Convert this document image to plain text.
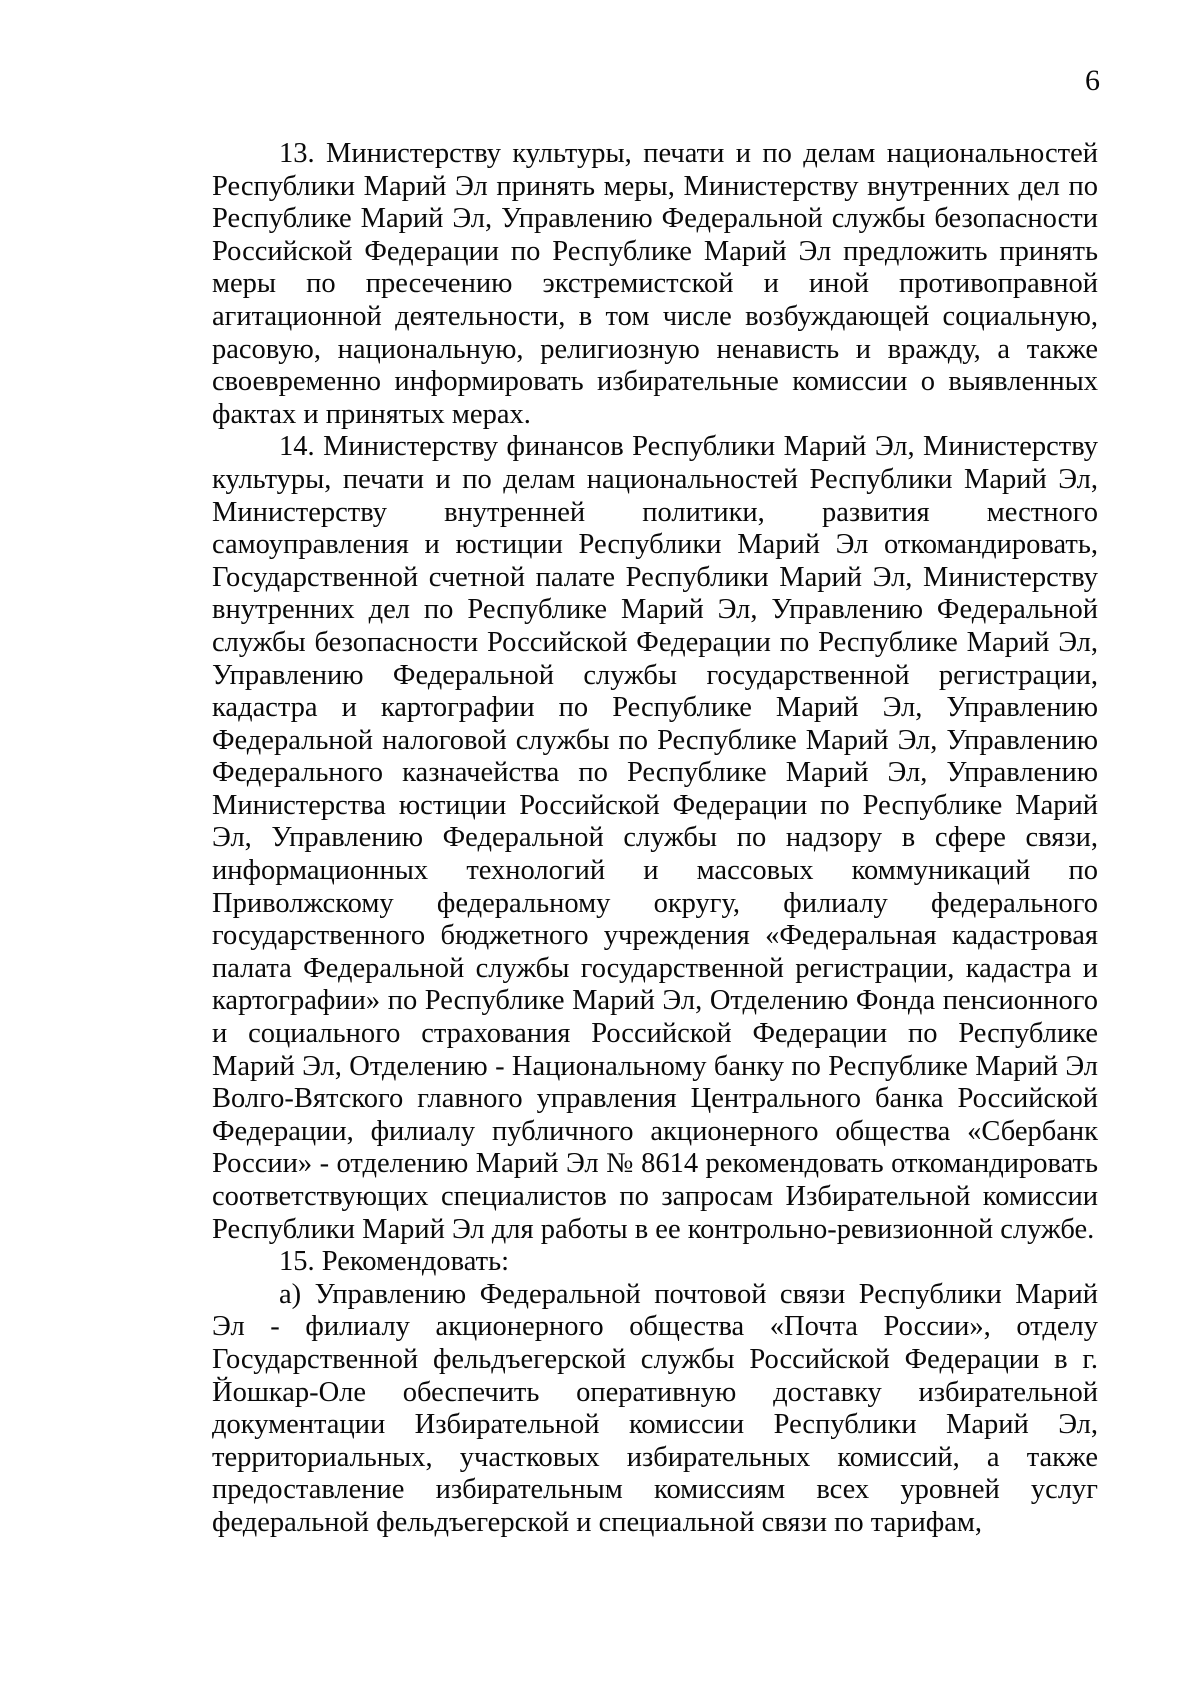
6

13. Министерству культуры, печати и по делам национальностей Республики Марий Эл принять меры, Министерству внутренних дел по Республике Марий Эл, Управлению Федеральной службы безопасности Российской Федерации по Республике Марий Эл предложить принять меры по пресечению экстремистской и иной противоправной агитационной деятельности, в том числе возбуждающей социальную, расовую, национальную, религиозную ненависть и вражду, а также своевременно информировать избирательные комиссии о выявленных фактах и принятых мерах.

14. Министерству финансов Республики Марий Эл, Министерству культуры, печати и по делам национальностей Республики Марий Эл, Министерству внутренней политики, развития местного самоуправления и юстиции Республики Марий Эл откомандировать, Государственной счетной палате Республики Марий Эл, Министерству внутренних дел по Республике Марий Эл, Управлению Федеральной службы безопасности Российской Федерации по Республике Марий Эл, Управлению Федеральной службы государственной регистрации, кадастра и картографии по Республике Марий Эл, Управлению Федеральной налоговой службы по Республике Марий Эл, Управлению Федерального казначейства по Республике Марий Эл, Управлению Министерства юстиции Российской Федерации по Республике Марий Эл, Управлению Федеральной службы по надзору в сфере связи, информационных технологий и массовых коммуникаций по Приволжскому федеральному округу, филиалу федерального государственного бюджетного учреждения «Федеральная кадастровая палата Федеральной службы государственной регистрации, кадастра и картографии» по Республике Марий Эл, Отделению Фонда пенсионного и социального страхования Российской Федерации по Республике Марий Эл, Отделению - Национальному банку по Республике Марий Эл Волго-Вятского главного управления Центрального банка Российской Федерации, филиалу публичного акционерного общества «Сбербанк России» - отделению Марий Эл № 8614 рекомендовать откомандировать соответствующих специалистов по запросам Избирательной комиссии Республики Марий Эл для работы в ее контрольно-ревизионной службе.

15. Рекомендовать:

а) Управлению Федеральной почтовой связи Республики Марий Эл - филиалу акционерного общества «Почта России», отделу Государственной фельдъегерской службы Российской Федерации в г. Йошкар-Оле обеспечить оперативную доставку избирательной документации Избирательной комиссии Республики Марий Эл, территориальных, участковых избирательных комиссий, а также предоставление избирательным комиссиям всех уровней услуг федеральной фельдъегерской и специальной связи по тарифам,
